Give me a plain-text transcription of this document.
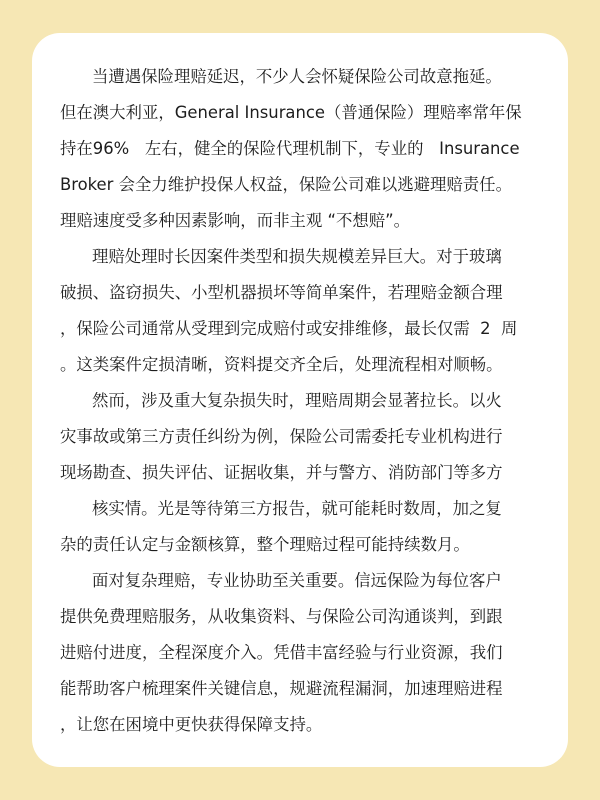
当遭遇保险理赔延迟，不少人会怀疑保险公司故意拖延。
但在澳大利亚，General Insurance（普通保险）理赔率常年保
持在96%   左右，健全的保险代理机制下，专业的   Insurance
Broker 会全力维护投保人权益，保险公司难以逃避理赔责任。
理赔速度受多种因素影响，而非主观 “不想赔”。
理赔处理时长因案件类型和损失规模差异巨大。对于玻璃
破损、盗窃损失、小型机器损坏等简单案件，若理赔金额合理
，保险公司通常从受理到完成赔付或安排维修，最长仅需  2  周
。这类案件定损清晰，资料提交齐全后，处理流程相对顺畅。
然而，涉及重大复杂损失时，理赔周期会显著拉长。以火
灾事故或第三方责任纠纷为例，保险公司需委托专业机构进行
现场勘查、损失评估、证据收集，并与警方、消防部门等多方
核实情。光是等待第三方报告，就可能耗时数周，加之复
杂的责任认定与金额核算，整个理赔过程可能持续数月。
面对复杂理赔，专业协助至关重要。信远保险为每位客户
提供免费理赔服务，从收集资料、与保险公司沟通谈判，到跟
进赔付进度，全程深度介入。凭借丰富经验与行业资源，我们
能帮助客户梳理案件关键信息，规避流程漏洞，加速理赔进程
，让您在困境中更快获得保障支持。
